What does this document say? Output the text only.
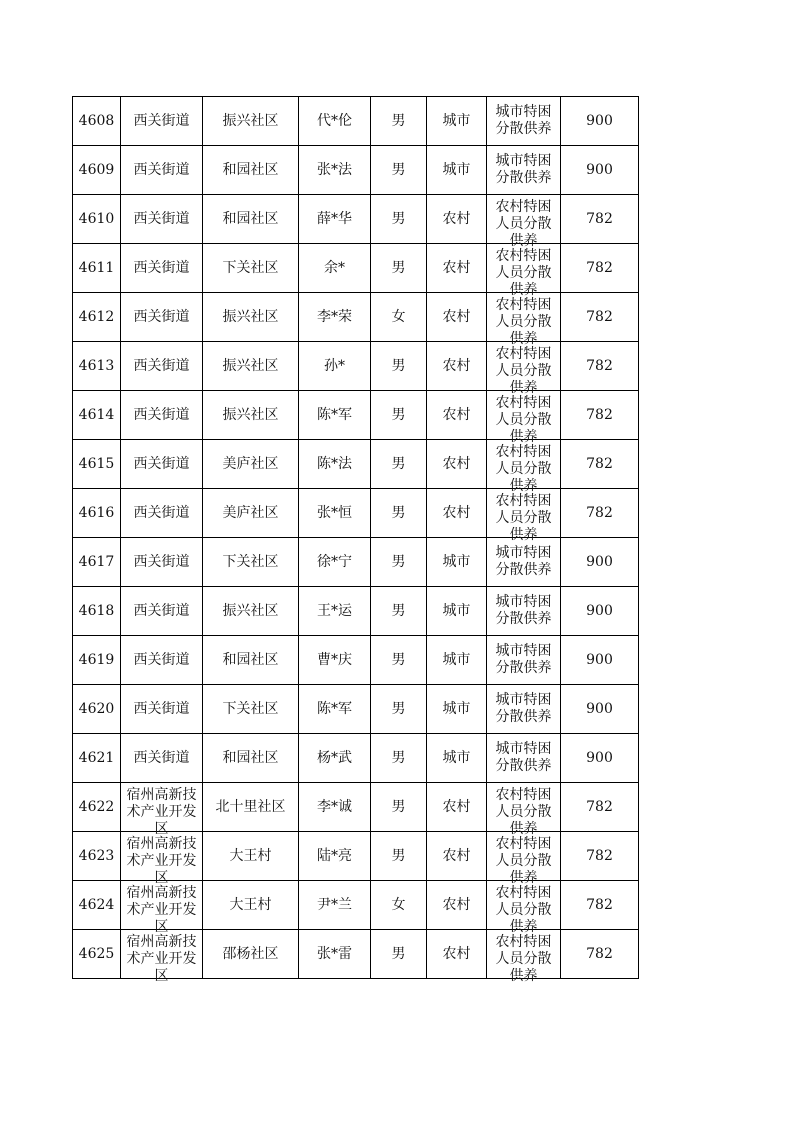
4608	西关街道	振兴社区	代*伦	男	城市	城市特困分散供养	900

4609	西关街道	和园社区	张*法	男	城市	城市特困分散供养	900

4610	西关街道	和园社区	薛*华	男	农村	农村特困人员分散供养	782

4611	西关街道	下关社区	余*	男	农村	农村特困人员分散供养	782

4612	西关街道	振兴社区	李*荣	女	农村	农村特困人员分散供养	782

4613	西关街道	振兴社区	孙*	男	农村	农村特困人员分散供养	782

4614	西关街道	振兴社区	陈*军	男	农村	农村特困人员分散供养	782

4615	西关街道	美庐社区	陈*法	男	农村	农村特困人员分散供养	782

4616	西关街道	美庐社区	张*恒	男	农村	农村特困人员分散供养	782

4617	西关街道	下关社区	徐*宁	男	城市	城市特困分散供养	900

4618	西关街道	振兴社区	王*运	男	城市	城市特困分散供养	900

4619	西关街道	和园社区	曹*庆	男	城市	城市特困分散供养	900

4620	西关街道	下关社区	陈*军	男	城市	城市特困分散供养	900

4621	西关街道	和园社区	杨*武	男	城市	城市特困分散供养	900

4622	宿州高新技术产业开发区	北十里社区	李*诚	男	农村	农村特困人员分散供养	782

4623	宿州高新技术产业开发区	大王村	陆*亮	男	农村	农村特困人员分散供养	782

4624	宿州高新技术产业开发区	大王村	尹*兰	女	农村	农村特困人员分散供养	782

4625	宿州高新技术产业开发区	邵杨社区	张*雷	男	农村	农村特困人员分散供养	782
